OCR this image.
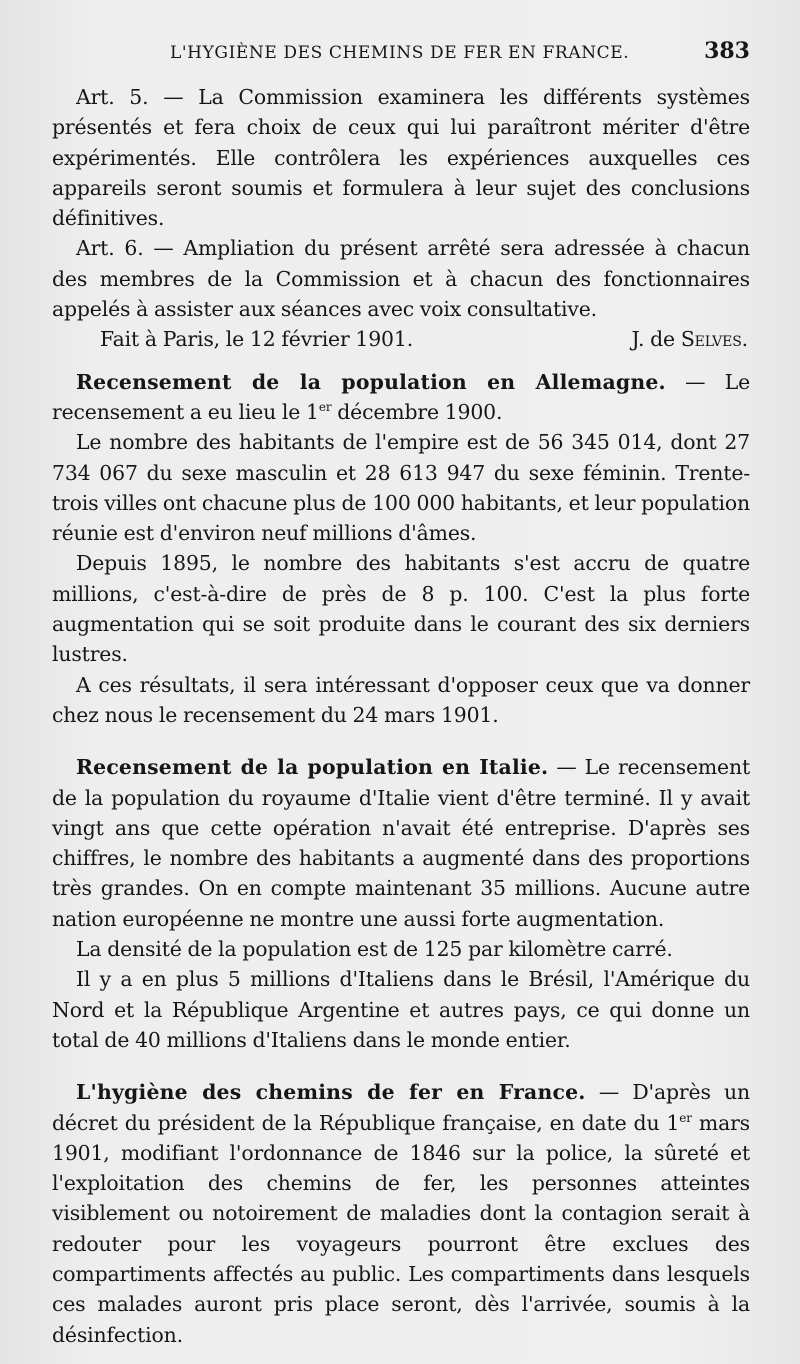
L'HYGIÈNE DES CHEMINS DE FER EN FRANCE.	383

Art. 5. — La Commission examinera les différents systèmes présentés et fera choix de ceux qui lui paraîtront mériter d'être expérimentés. Elle contrôlera les expériences auxquelles ces appareils seront soumis et formulera à leur sujet des conclusions définitives.

Art. 6. — Ampliation du présent arrêté sera adressée à chacun des membres de la Commission et à chacun des fonctionnaires appelés à assister aux séances avec voix consultative.

Fait à Paris, le 12 février 1901.	J. de Selves.

Recensement de la population en Allemagne. — Le recensement a eu lieu le 1er décembre 1900.

Le nombre des habitants de l'empire est de 56 345 014, dont 27 734 067 du sexe masculin et 28 613 947 du sexe féminin. Trente-trois villes ont chacune plus de 100 000 habitants, et leur population réunie est d'environ neuf millions d'âmes.

Depuis 1895, le nombre des habitants s'est accru de quatre millions, c'est-à-dire de près de 8 p. 100. C'est la plus forte augmentation qui se soit produite dans le courant des six derniers lustres.

A ces résultats, il sera intéressant d'opposer ceux que va donner chez nous le recensement du 24 mars 1901.

Recensement de la population en Italie. — Le recensement de la population du royaume d'Italie vient d'être terminé. Il y avait vingt ans que cette opération n'avait été entreprise. D'après ses chiffres, le nombre des habitants a augmenté dans des proportions très grandes. On en compte maintenant 35 millions. Aucune autre nation européenne ne montre une aussi forte augmentation.

La densité de la population est de 125 par kilomètre carré.

Il y a en plus 5 millions d'Italiens dans le Brésil, l'Amérique du Nord et la République Argentine et autres pays, ce qui donne un total de 40 millions d'Italiens dans le monde entier.

L'hygiène des chemins de fer en France. — D'après un décret du président de la République française, en date du 1er mars 1901, modifiant l'ordonnance de 1846 sur la police, la sûreté et l'exploitation des chemins de fer, les personnes atteintes visiblement ou notoirement de maladies dont la contagion serait à redouter pour les voyageurs pourront être exclues des compartiments affectés au public. Les compartiments dans lesquels ces malades auront pris place seront, dès l'arrivée, soumis à la désinfection.
